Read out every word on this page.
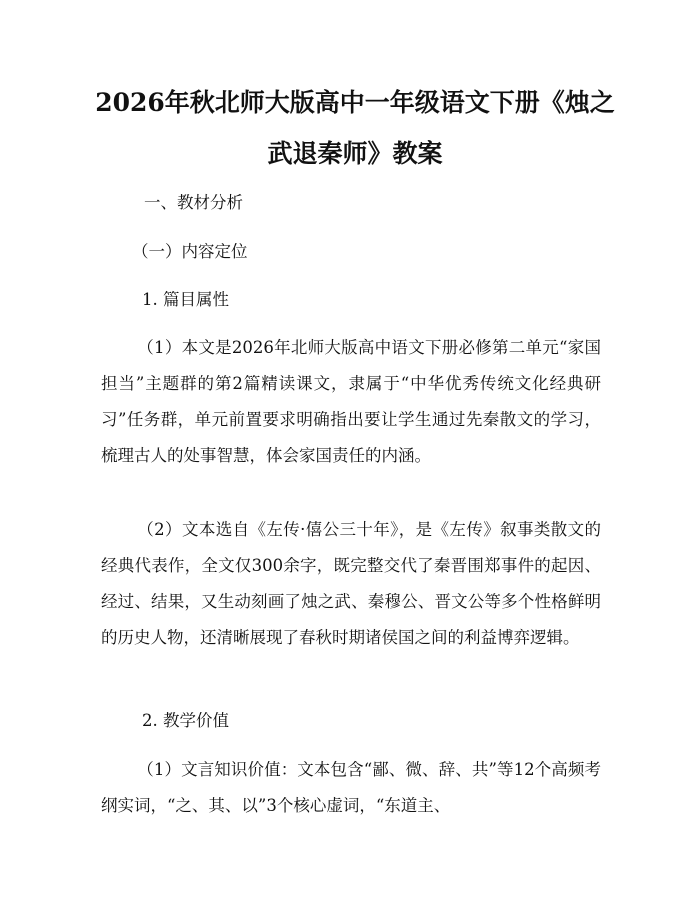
2026年秋北师大版高中一年级语文下册《烛之武退秦师》教案

一、教材分析

（一）内容定位

1. 篇目属性

（1）本文是2026年北师大版高中语文下册必修第二单元“家国担当”主题群的第2篇精读课文，隶属于“中华优秀传统文化经典研习”任务群，单元前置要求明确指出要让学生通过先秦散文的学习，梳理古人的处事智慧，体会家国责任的内涵。

（2）文本选自《左传·僖公三十年》，是《左传》叙事类散文的经典代表作，全文仅300余字，既完整交代了秦晋围郑事件的起因、经过、结果，又生动刻画了烛之武、秦穆公、晋文公等多个性格鲜明的历史人物，还清晰展现了春秋时期诸侯国之间的利益博弈逻辑。

2. 教学价值

（1）文言知识价值：文本包含“鄙、微、辞、共”等12个高频考纲实词，“之、其、以”3个核心虚词，“东道主、
